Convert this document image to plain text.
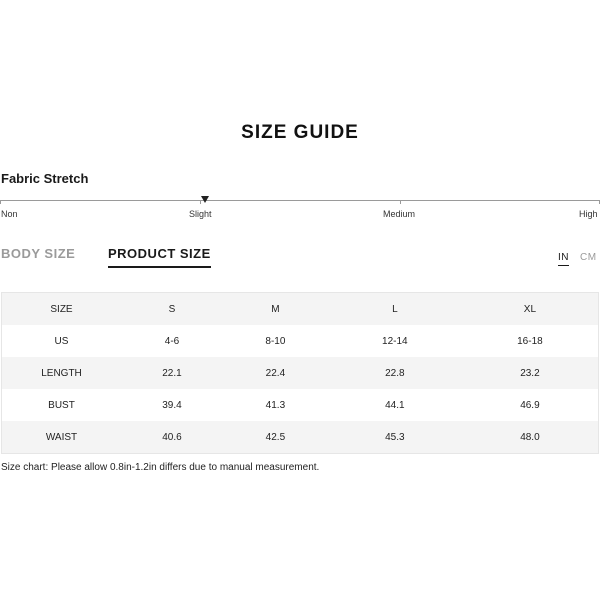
SIZE GUIDE
Fabric Stretch
Non	Slight	Medium	High
BODY SIZE	PRODUCT SIZE	IN CM
SIZE	S	M	L	XL
US	4-6	8-10	12-14	16-18
LENGTH	22.1	22.4	22.8	23.2
BUST	39.4	41.3	44.1	46.9
WAIST	40.6	42.5	45.3	48.0
Size chart: Please allow 0.8in-1.2in differs due to manual measurement.
